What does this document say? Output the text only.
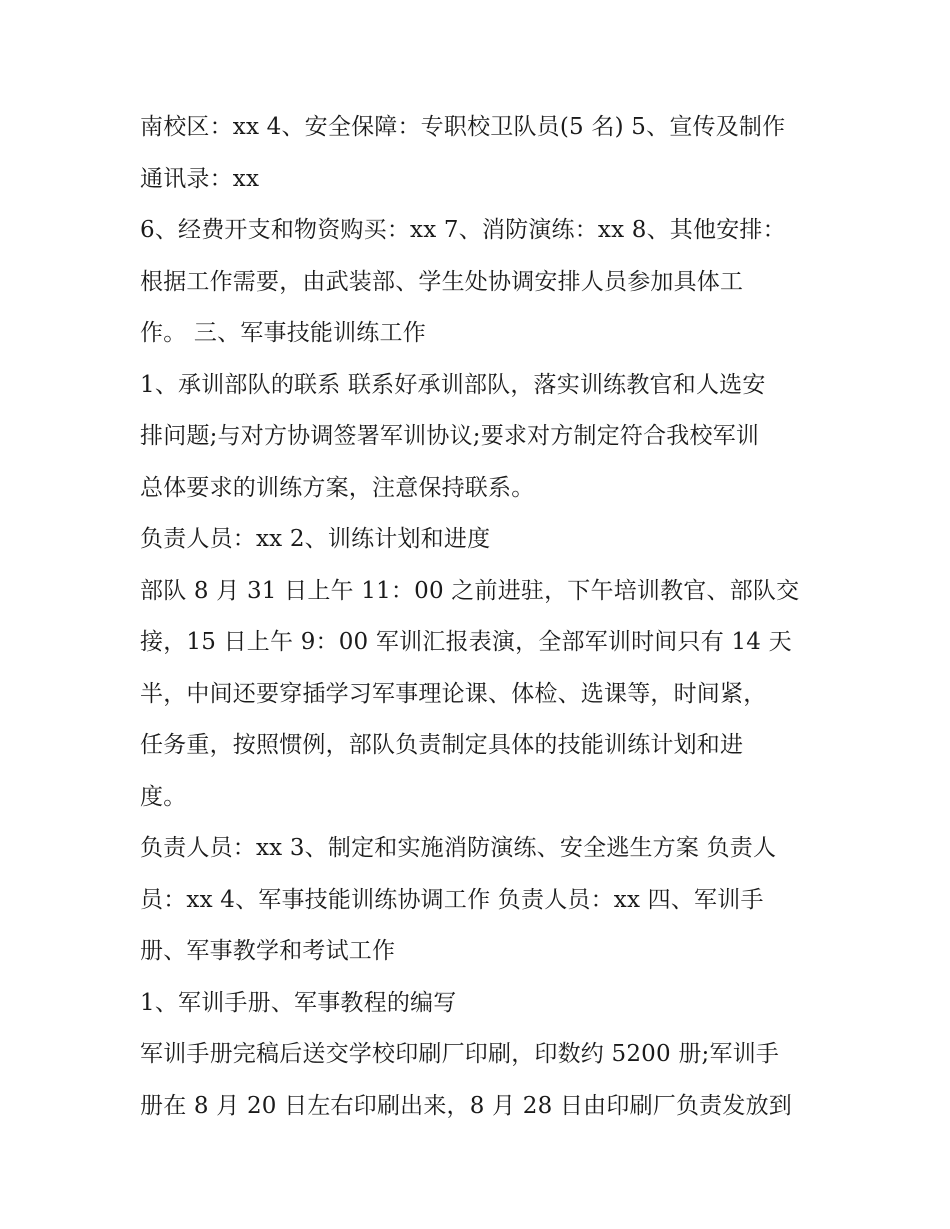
南校区：xx 4、安全保障：专职校卫队员(5 名) 5、宣传及制作
通讯录：xx
6、经费开支和物资购买：xx 7、消防演练：xx 8、其他安排：
根据工作需要，由武装部、学生处协调安排人员参加具体工
作。 三、军事技能训练工作
1、承训部队的联系 联系好承训部队，落实训练教官和人选安
排问题;与对方协调签署军训协议;要求对方制定符合我校军训
总体要求的训练方案，注意保持联系。
负责人员：xx 2、训练计划和进度
部队 8 月 31 日上午 11：00 之前进驻，下午培训教官、部队交
接，15 日上午 9：00 军训汇报表演，全部军训时间只有 14 天
半，中间还要穿插学习军事理论课、体检、选课等，时间紧，
任务重，按照惯例，部队负责制定具体的技能训练计划和进
度。
负责人员：xx 3、制定和实施消防演练、安全逃生方案 负责人
员：xx 4、军事技能训练协调工作 负责人员：xx 四、军训手
册、军事教学和考试工作
1、军训手册、军事教程的编写
军训手册完稿后送交学校印刷厂印刷，印数约 5200 册;军训手
册在 8 月 20 日左右印刷出来，8 月 28 日由印刷厂负责发放到
